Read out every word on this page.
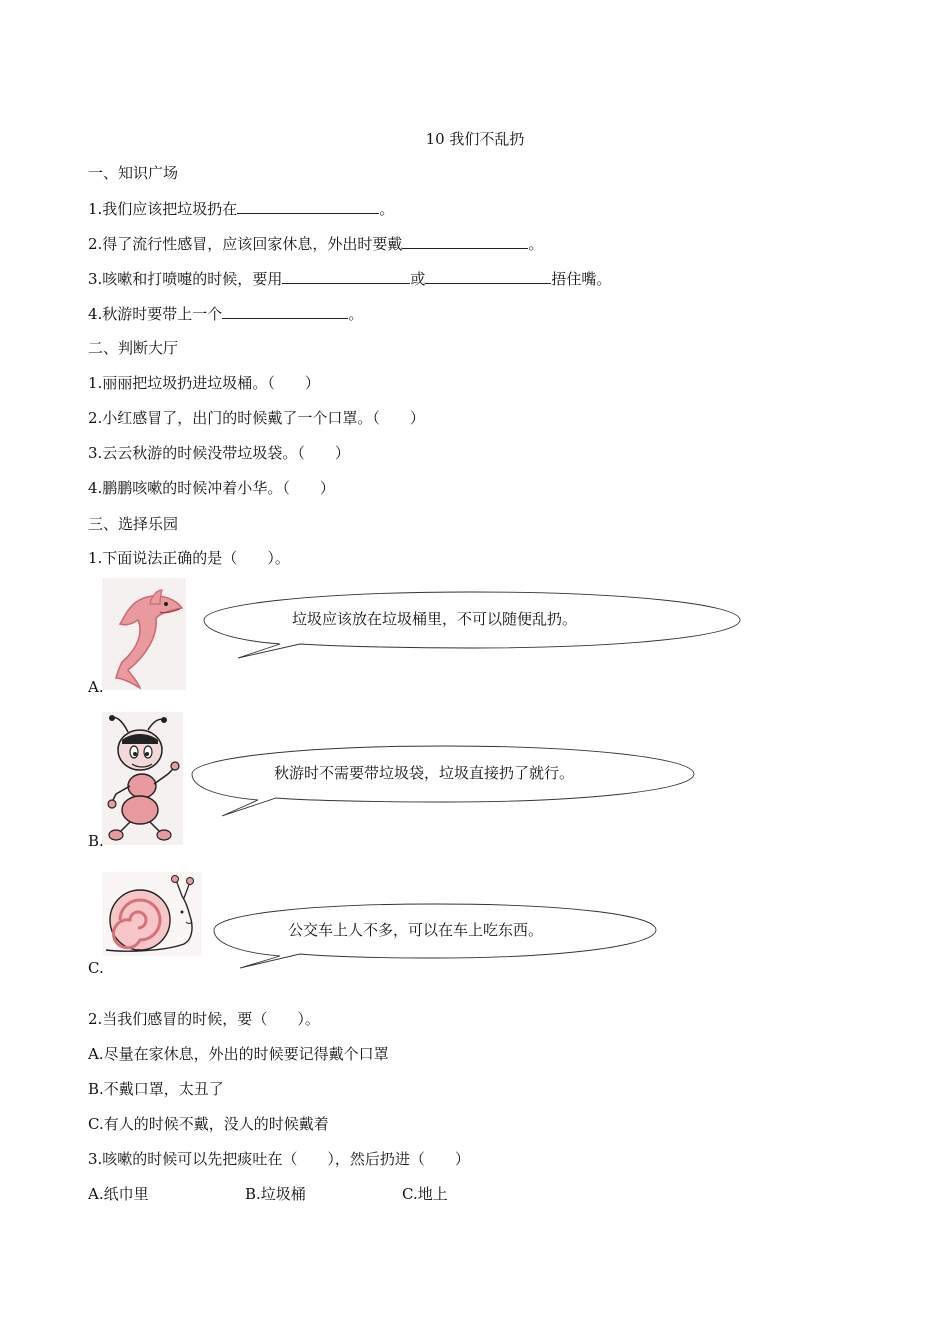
10 我们不乱扔
一、知识广场
1.我们应该把垃圾扔在	。
2.得了流行性感冒，应该回家休息，外出时要戴	。
3.咳嗽和打喷嚏的时候，要用	或	捂住嘴。
4.秋游时要带上一个	。
二、判断大厅
1.丽丽把垃圾扔进垃圾桶。（　　）
2.小红感冒了，出门的时候戴了一个口罩。（　　）
3.云云秋游的时候没带垃圾袋。（　　）
4.鹏鹏咳嗽的时候冲着小华。（　　）
三、选择乐园
1.下面说法正确的是（　　）。
A.
垃圾应该放在垃圾桶里，不可以随便乱扔。
B.
秋游时不需要带垃圾袋，垃圾直接扔了就行。
C.
公交车上人不多，可以在车上吃东西。
2.当我们感冒的时候，要（　　）。
A.尽量在家休息，外出的时候要记得戴个口罩
B.不戴口罩，太丑了
C.有人的时候不戴，没人的时候戴着
3.咳嗽的时候可以先把痰吐在（　　），然后扔进（　　）
A.纸巾里	B.垃圾桶	C.地上
